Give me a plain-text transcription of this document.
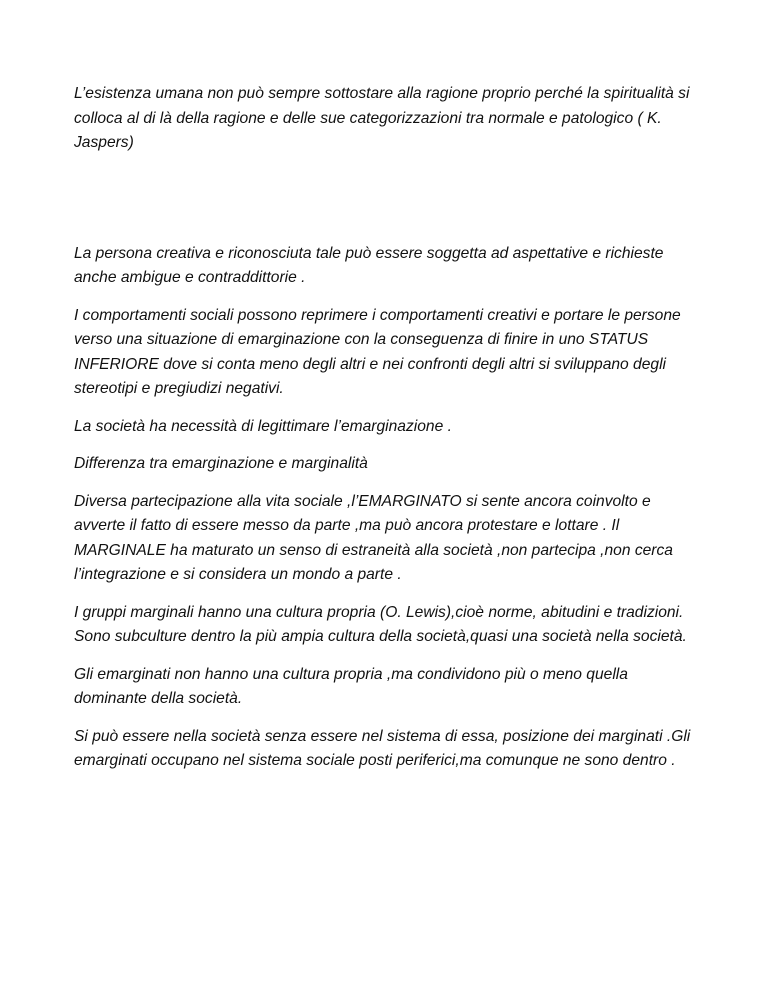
L’esistenza umana non può sempre sottostare alla ragione proprio perché la spiritualità si colloca al di là della ragione e delle sue categorizzazioni tra normale e patologico ( K. Jaspers)

La persona creativa e riconosciuta tale può essere soggetta ad aspettative e richieste anche ambigue e contraddittorie .

I comportamenti sociali possono reprimere i comportamenti creativi e portare le persone verso una situazione di emarginazione con la conseguenza di finire in uno STATUS INFERIORE dove si conta meno degli altri e nei confronti degli altri si sviluppano degli stereotipi e pregiudizi negativi.

La società ha necessità di legittimare l’emarginazione .

Differenza tra emarginazione e marginalità

Diversa partecipazione alla vita sociale ,l’EMARGINATO si sente ancora coinvolto e avverte il fatto di essere messo da parte ,ma può ancora protestare e lottare . Il MARGINALE ha maturato un senso di estraneità alla società ,non partecipa ,non cerca l’integrazione e si considera un mondo a parte .

I gruppi marginali hanno una cultura propria (O. Lewis),cioè norme, abitudini e tradizioni. Sono subculture dentro la più ampia cultura della società,quasi una società nella società.

Gli emarginati non hanno una cultura propria ,ma condividono più o meno quella dominante della società.

Si può essere nella società senza essere nel sistema di essa, posizione dei marginati .Gli emarginati occupano nel sistema sociale posti periferici,ma comunque ne sono dentro .
